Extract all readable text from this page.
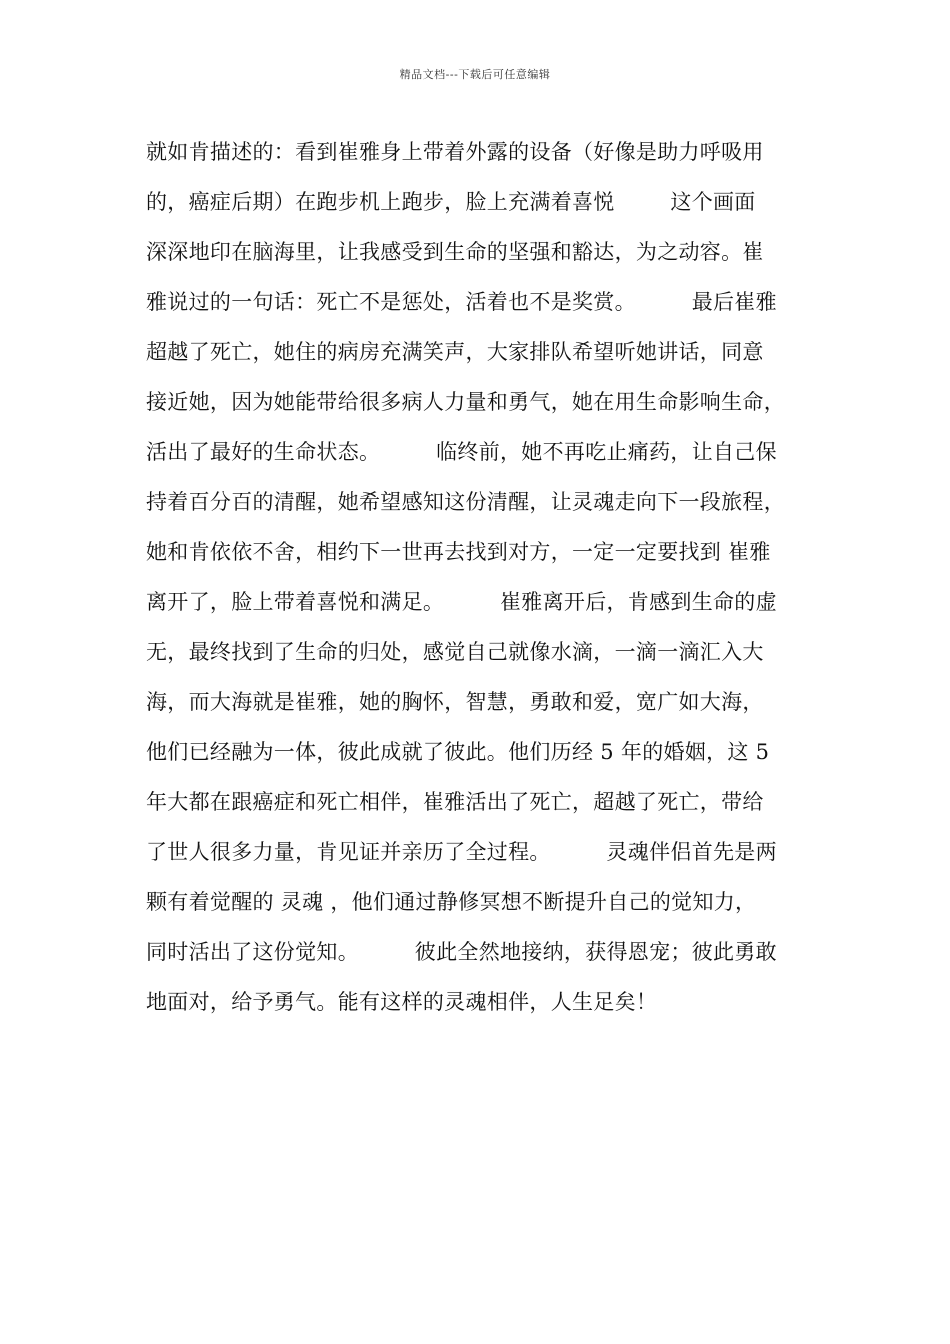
精品文档---下载后可任意编辑
就如肯描述的：看到崔雅身上带着外露的设备（好像是助力呼吸用
的，癌症后期）在跑步机上跑步，脸上充满着喜悦        这个画面
深深地印在脑海里，让我感受到生命的坚强和豁达，为之动容。崔
雅说过的一句话：死亡不是惩处，活着也不是奖赏。        最后崔雅
超越了死亡，她住的病房充满笑声，大家排队希望听她讲话，同意
接近她，因为她能带给很多病人力量和勇气，她在用生命影响生命，
活出了最好的生命状态。        临终前，她不再吃止痛药，让自己保
持着百分百的清醒，她希望感知这份清醒，让灵魂走向下一段旅程，
她和肯依依不舍，相约下一世再去找到对方，一定一定要找到 崔雅
离开了，脸上带着喜悦和满足。        崔雅离开后，肯感到生命的虚
无，最终找到了生命的归处，感觉自己就像水滴，一滴一滴汇入大
海，而大海就是崔雅，她的胸怀，智慧，勇敢和爱，宽广如大海，
他们已经融为一体，彼此成就了彼此。他们历经 5 年的婚姻，这 5
年大都在跟癌症和死亡相伴，崔雅活出了死亡，超越了死亡，带给
了世人很多力量，肯见证并亲历了全过程。        灵魂伴侣首先是两
颗有着觉醒的 灵魂 ，他们通过静修冥想不断提升自己的觉知力，
同时活出了这份觉知。        彼此全然地接纳，获得恩宠；彼此勇敢
地面对，给予勇气。能有这样的灵魂相伴，人生足矣！
